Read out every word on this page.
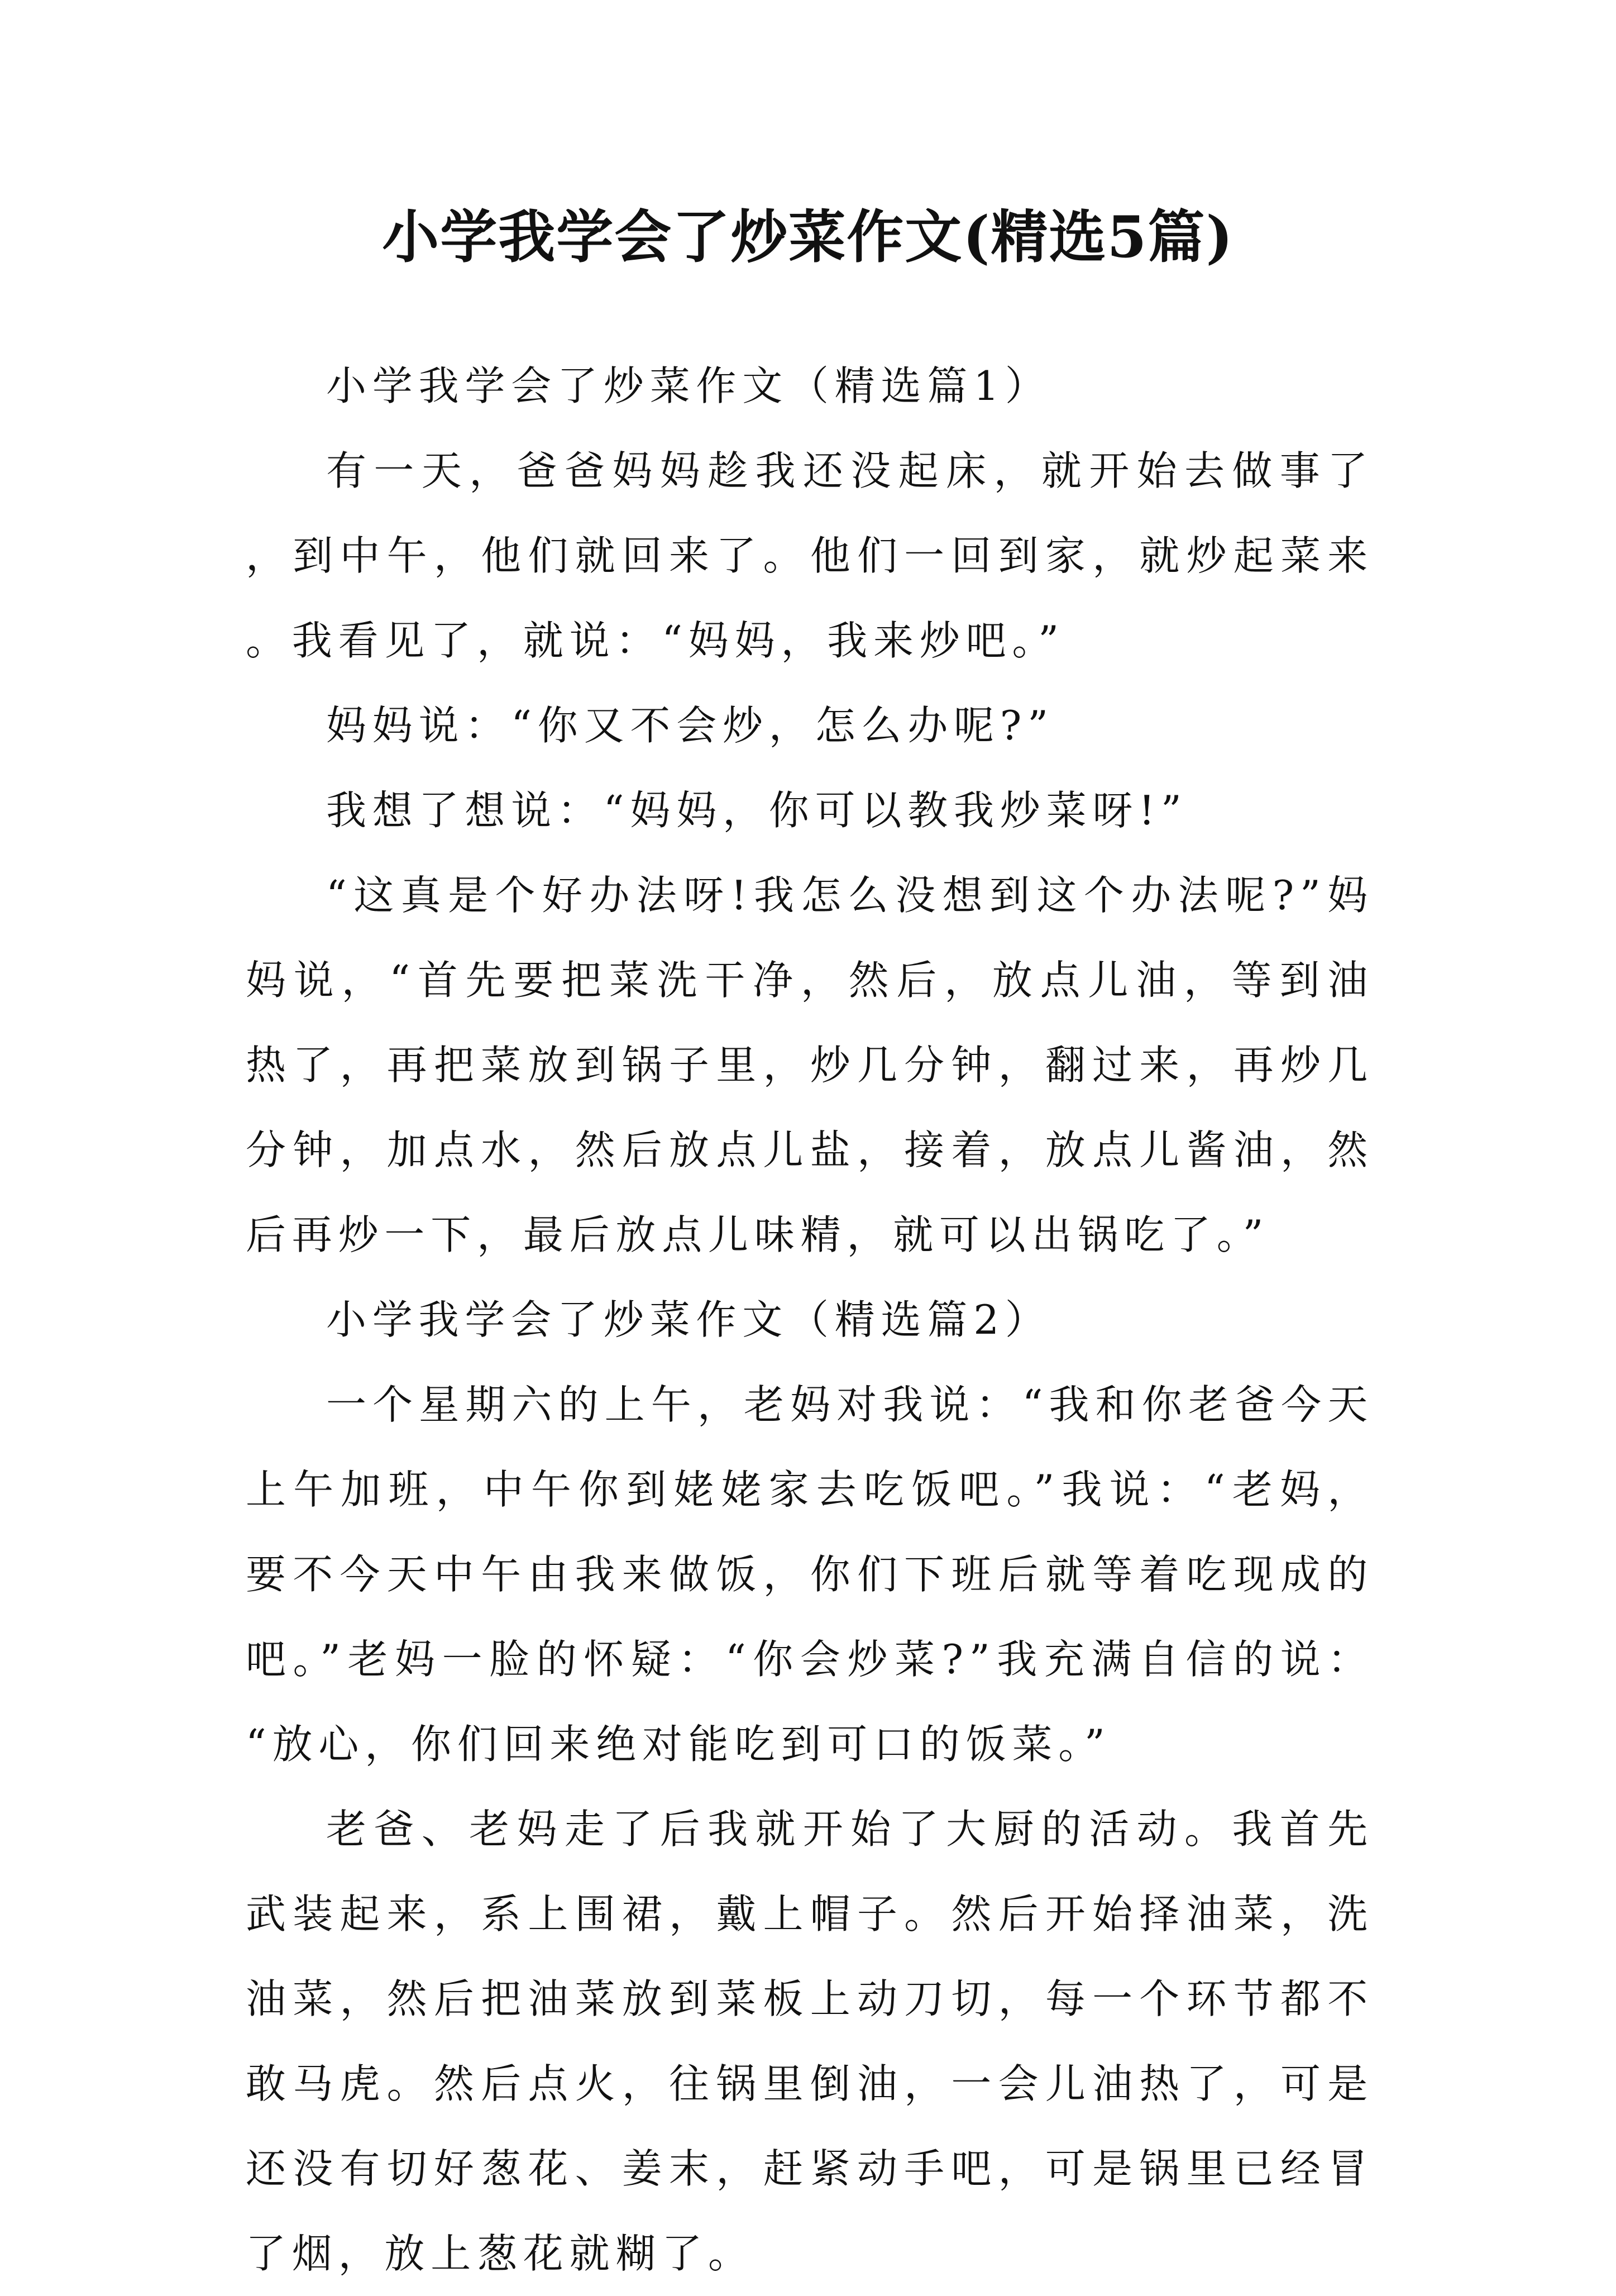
小学我学会了炒菜作文(精选5篇)

小学我学会了炒菜作文（精选篇1）

有一天，爸爸妈妈趁我还没起床，就开始去做事了，到中午，他们就回来了。他们一回到家，就炒起菜来。我看见了，就说：“妈妈，我来炒吧。”

妈妈说：“你又不会炒，怎么办呢?”

我想了想说：“妈妈，你可以教我炒菜呀!”

“这真是个好办法呀!我怎么没想到这个办法呢?”妈妈说，“首先要把菜洗干净，然后，放点儿油，等到油热了，再把菜放到锅子里，炒几分钟，翻过来，再炒几分钟，加点水，然后放点儿盐，接着，放点儿酱油，然后再炒一下，最后放点儿味精，就可以出锅吃了。”

小学我学会了炒菜作文（精选篇2）

一个星期六的上午，老妈对我说：“我和你老爸今天上午加班，中午你到姥姥家去吃饭吧。”我说：“老妈，要不今天中午由我来做饭，你们下班后就等着吃现成的吧。”老妈一脸的怀疑：“你会炒菜?”我充满自信的说：“放心，你们回来绝对能吃到可口的饭菜。”

老爸、老妈走了后我就开始了大厨的活动。我首先武装起来，系上围裙，戴上帽子。然后开始择油菜，洗油菜，然后把油菜放到菜板上动刀切，每一个环节都不敢马虎。然后点火，往锅里倒油，一会儿油热了，可是还没有切好葱花、姜末，赶紧动手吧，可是锅里已经冒了烟，放上葱花就糊了。
